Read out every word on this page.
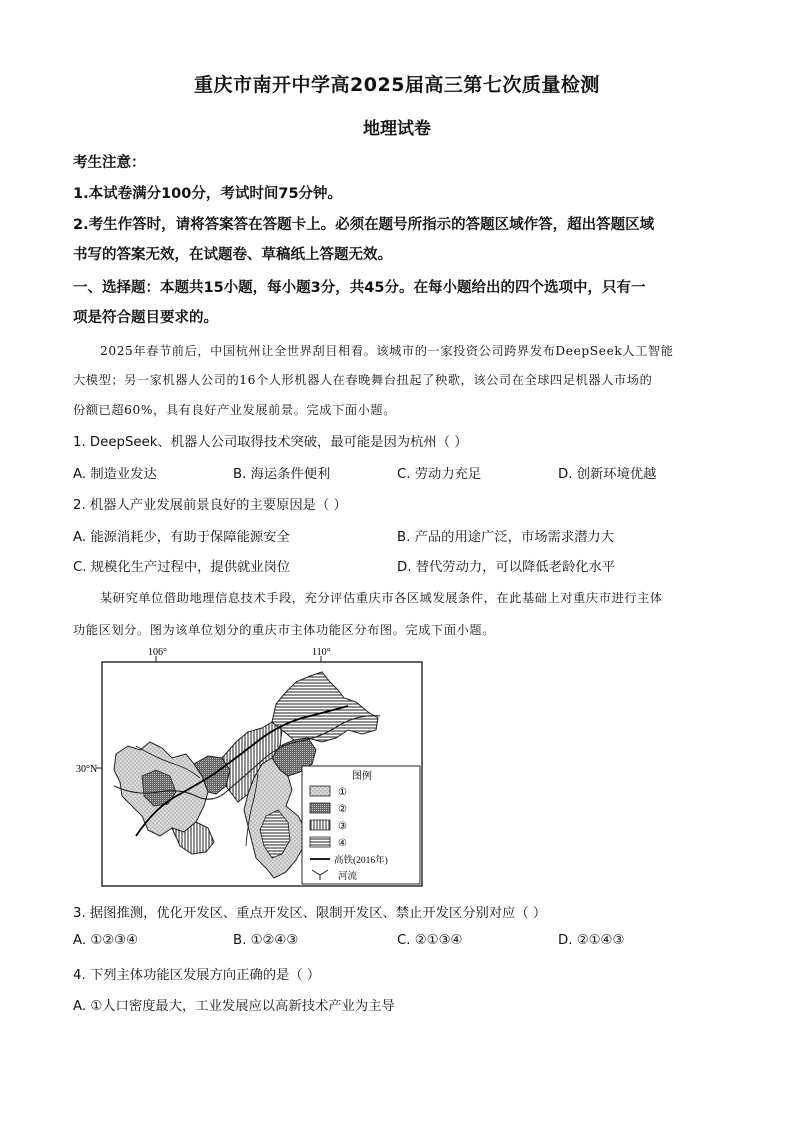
重庆市南开中学高2025届高三第七次质量检测
地理试卷
考生注意：
1.本试卷满分100分，考试时间75分钟。
2.考生作答时，请将答案答在答题卡上。必须在题号所指示的答题区域作答，超出答题区域
书写的答案无效，在试题卷、草稿纸上答题无效。
一、选择题：本题共15小题，每小题3分，共45分。在每小题给出的四个选项中，只有一
项是符合题目要求的。
2025年春节前后，中国杭州让全世界刮目相看。该城市的一家投资公司跨界发布DeepSeek人工智能
大模型；另一家机器人公司的16个人形机器人在春晚舞台扭起了秧歌，该公司在全球四足机器人市场的
份额已超60%，具有良好产业发展前景。完成下面小题。
1. DeepSeek、机器人公司取得技术突破，最可能是因为杭州（ ）
A. 制造业发达	B. 海运条件便利	C. 劳动力充足	D. 创新环境优越
2. 机器人产业发展前景良好的主要原因是（ ）
A. 能源消耗少，有助于保障能源安全	B. 产品的用途广泛，市场需求潜力大
C. 规模化生产过程中，提供就业岗位	D. 替代劳动力，可以降低老龄化水平
某研究单位借助地理信息技术手段，充分评估重庆市各区域发展条件，在此基础上对重庆市进行主体
功能区划分。图为该单位划分的重庆市主体功能区分布图。完成下面小题。
106°	110°
30°N
图例
①
②
③
④
高铁(2016年)
河流
3. 据图推测，优化开发区、重点开发区、限制开发区、禁止开发区分别对应（ ）
A. ①②③④	B. ①②④③	C. ②①③④	D. ②①④③
4. 下列主体功能区发展方向正确的是（ ）
A. ①人口密度最大，工业发展应以高新技术产业为主导
